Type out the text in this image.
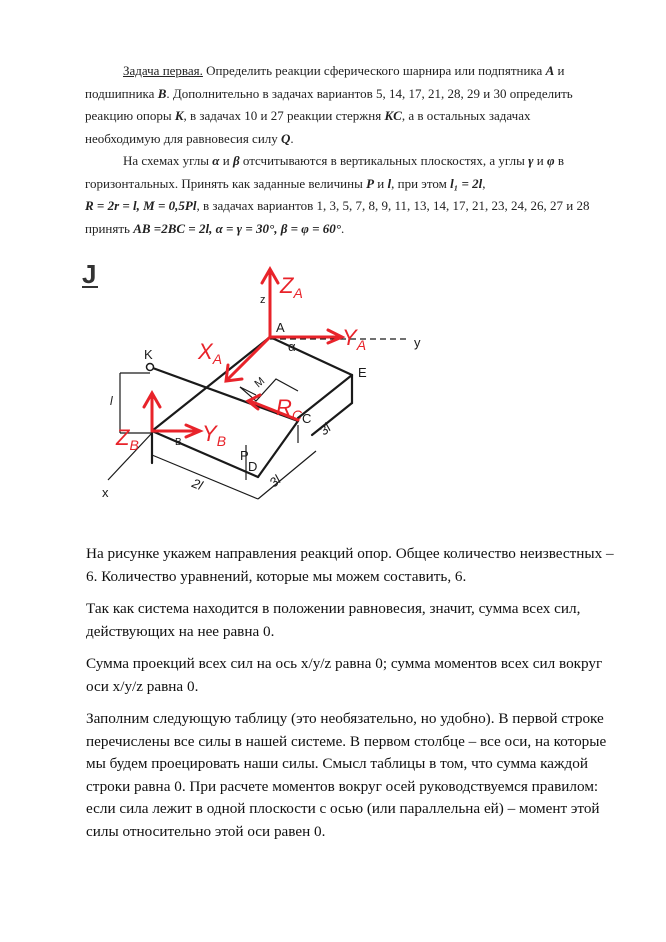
Задача первая. Определить реакции сферического шарнира или подпятника A и подшипника B. Дополнительно в задачах вариантов 5, 14, 17, 21, 28, 29 и 30 определить реакцию опоры K, в задачах 10 и 27 реакции стержня KC, а в остальных задачах необходимую для равновесия силу Q.

На схемах углы α и β отсчитываются в вертикальных плоскостях, а углы γ и φ в горизонтальных. Принять как заданные величины P и l, при этом l₁ = 2l,
R = 2r = l, M = 0,5Pl, в задачах вариантов 1, 3, 5, 7, 8, 9, 11, 13, 14, 17, 21, 23, 24, 26, 27 и 28 принять AB =2BC = 2l, α = γ = 30°, β = φ = 60°.

J
A
K
E
C
D
P
x
y
z
α
B
M
l
2l
3l
3l
$Z_A$
$Y_A$
$X_A$
$R_C$
$Z_B$	$Y_B$

На рисунке укажем направления реакций опор. Общее количество неизвестных – 6. Количество уравнений, которые мы можем составить, 6.

Так как система находится в положении равновесия, значит, сумма всех сил, действующих на нее равна 0.

Сумма проекций всех сил на ось x/y/z равна 0; сумма моментов всех сил вокруг оси x/y/z равна 0.

Заполним следующую таблицу (это необязательно, но удобно). В первой строке перечислены все силы в нашей системе. В первом столбце – все оси, на которые мы будем проецировать наши силы. Смысл таблицы в том, что сумма каждой строки равна 0. При расчете моментов вокруг осей руководствуемся правилом: если сила лежит в одной плоскости с осью (или параллельна ей) – момент этой силы относительно этой оси равен 0.
